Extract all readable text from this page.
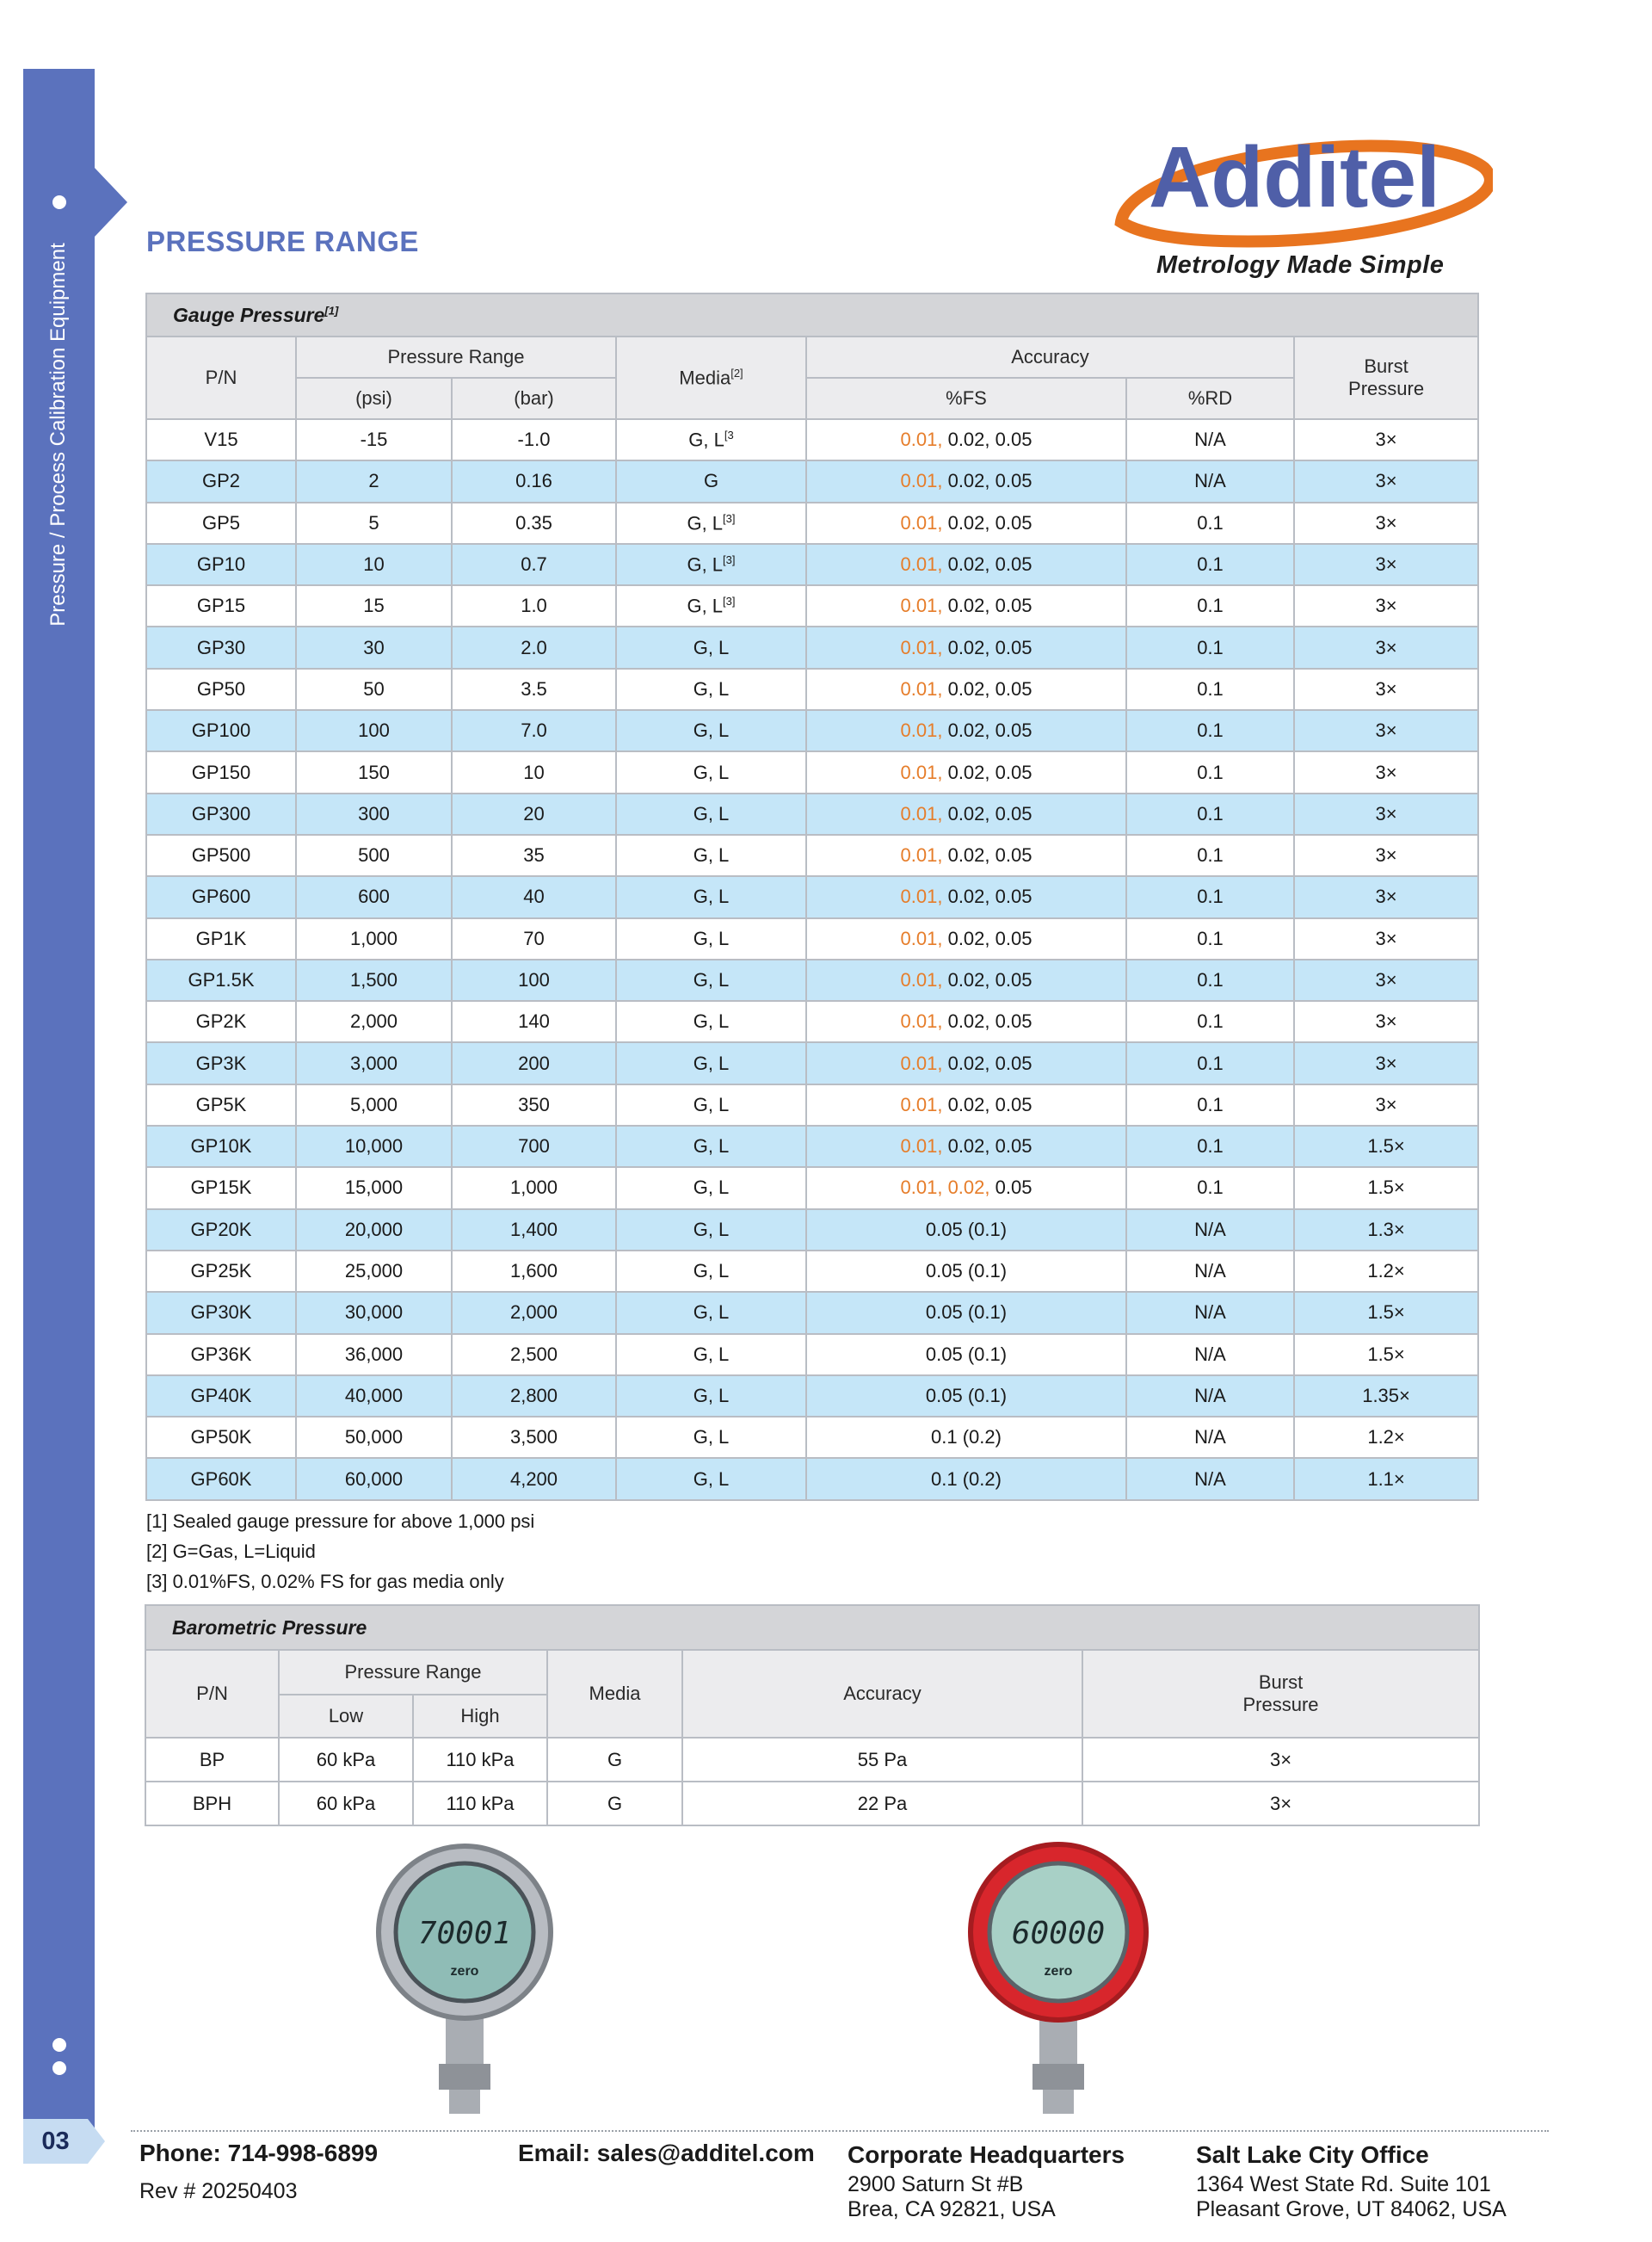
Pressure / Process Calibration Equipment
03
PRESSURE RANGE
Additel
Metrology Made Simple
Gauge Pressure[1]
P/N	Pressure Range		Media[2]	Accuracy		Burst Pressure
	(psi)	(bar)		%FS	%RD	
V15	-15	-1.0	G, $L^{[3}$	0.01, 0.02, 0.05	N/A	3×
GP2	2	0.16	G	0.01, 0.02, 0.05	N/A	3×
GP5	5	0.35	G, L[3]	0.01, 0.02, 0.05	0.1	3×
GP10	10	0.7	G, L[3]	0.01, 0.02, 0.05	0.1	3×
GP15	15	1.0	G, L[3]	0.01, 0.02, 0.05	0.1	3×
GP30	30	2.0	G, L	0.01, 0.02, 0.05	0.1	3×
GP50	50	3.5	G, L	0.01, 0.02, 0.05	0.1	3×
GP100	100	7.0	G, L	0.01, 0.02, 0.05	0.1	3×
GP150	150	10	G, L	0.01, 0.02, 0.05	0.1	3×
GP300	300	20	G, L	0.01, 0.02, 0.05	0.1	3×
GP500	500	35	G, L	0.01, 0.02, 0.05	0.1	3×
GP600	600	40	G, L	0.01, 0.02, 0.05	0.1	3×
GP1K	1,000	70	G, L	0.01, 0.02, 0.05	0.1	3×
GP1.5K	1,500	100	G, L	0.01, 0.02, 0.05	0.1	3×
GP2K	2,000	140	G, L	0.01, 0.02, 0.05	0.1	3×
GP3K	3,000	200	G, L	0.01, 0.02, 0.05	0.1	3×
GP5K	5,000	350	G, L	0.01, 0.02, 0.05	0.1	3×
GP10K	10,000	700	G, L	0.01, 0.02, 0.05	0.1	1.5×
GP15K	15,000	1,000	G, L	0.01, 0.02, 0.05	0.1	1.5×
GP20K	20,000	1,400	G, L	0.05 (0.1)	N/A	1.3×
GP25K	25,000	1,600	G, L	0.05 (0.1)	N/A	1.2×
GP30K	30,000	2,000	G, L	0.05 (0.1)	N/A	1.5×
GP36K	36,000	2,500	G, L	0.05 (0.1)	N/A	1.5×
GP40K	40,000	2,800	G, L	0.05 (0.1)	N/A	1.35×
GP50K	50,000	3,500	G, L	0.1 (0.2)	N/A	1.2×
GP60K	60,000	4,200	G, L	0.1 (0.2)	N/A	1.1×
[1] Sealed gauge pressure for above 1,000 psi
[2] G=Gas, L=Liquid
[3] 0.01%FS, 0.02% FS for gas media only
Barometric Pressure					
P/N	Pressure Range		Media	Accuracy	Burst Pressure
	Low	High			
BP	60 kPa	110 kPa	G	55 Pa	3×
BPH	60 kPa	110 kPa	G	22 Pa	3×
70001
zero
60000
zero
Phone: 714-998-6899
Rev # 20250403
Email: sales@additel.com Corporate Headquarters
2900 Saturn St #B
Brea, CA 92821, USA
Salt Lake City Office
1364 West State Rd. Suite 101
Pleasant Grove, UT 84062, USA
